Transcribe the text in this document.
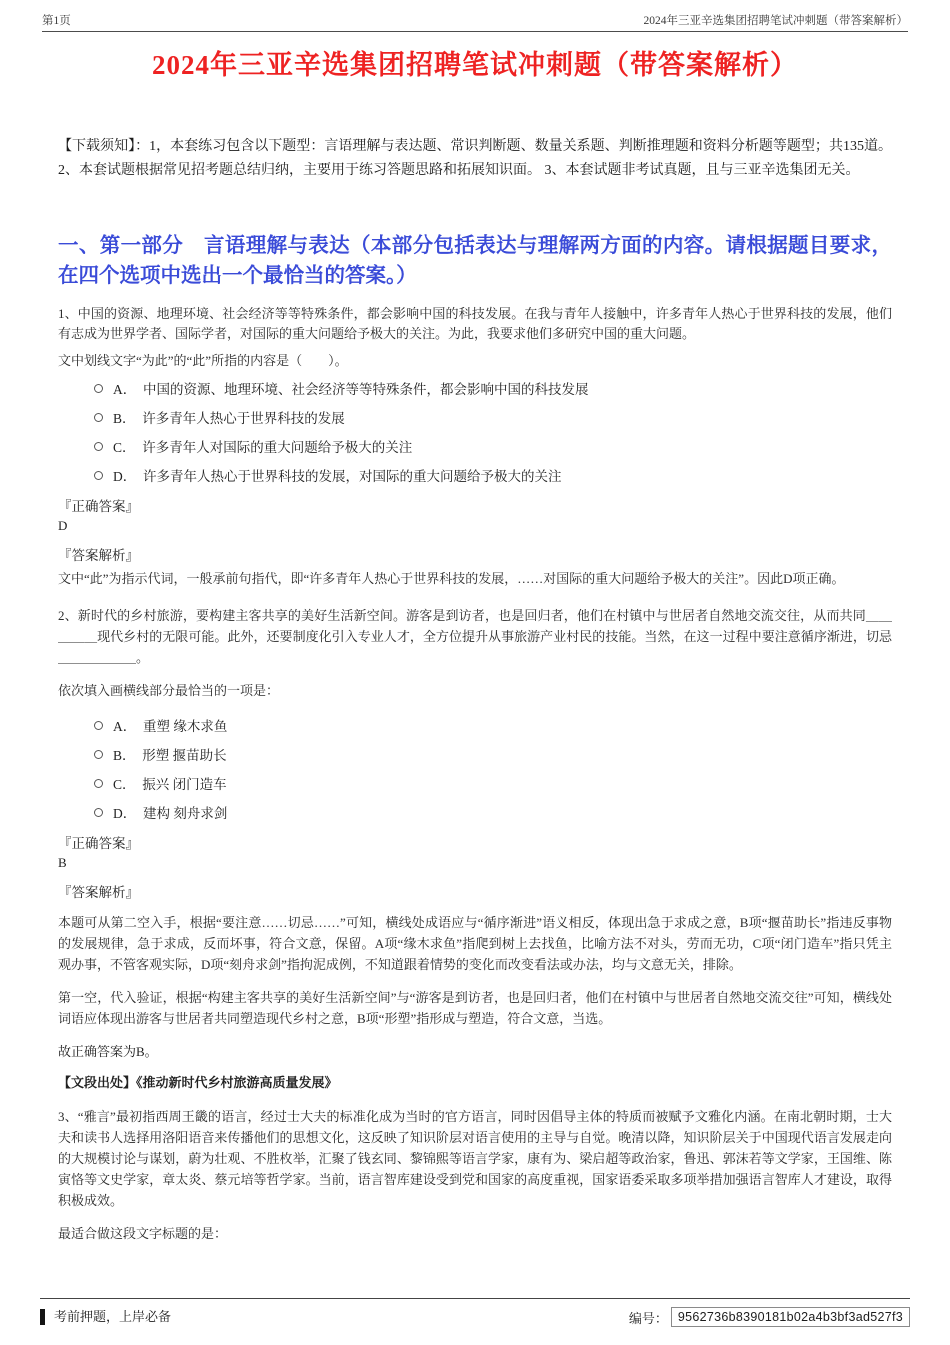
第1页	2024年三亚辛选集团招聘笔试冲刺题（带答案解析）
2024年三亚辛选集团招聘笔试冲刺题（带答案解析）

【下载须知】：1，本套练习包含以下题型：言语理解与表达题、常识判断题、数量关系题、判断推理题和资料分析题等题型；共135道。2、本套试题根据常见招考题总结归纳，主要用于练习答题思路和拓展知识面。 3、本套试题非考试真题，且与三亚辛选集团无关。

一、第一部分　言语理解与表达（本部分包括表达与理解两方面的内容。请根据题目要求，在四个选项中选出一个最恰当的答案。）

1、中国的资源、地理环境、社会经济等等特殊条件，都会影响中国的科技发展。在我与青年人接触中，许多青年人热心于世界科技的发展，他们有志成为世界学者、国际学者，对国际的重大问题给予极大的关注。为此，我要求他们多研究中国的重大问题。

文中划线文字“为此”的“此”所指的内容是（　　）。

A．　中国的资源、地理环境、社会经济等等特殊条件，都会影响中国的科技发展
B．　许多青年人热心于世界科技的发展
C．　许多青年人对国际的重大问题给予极大的关注
D．　许多青年人热心于世界科技的发展，对国际的重大问题给予极大的关注

『正确答案』

D

『答案解析』

文中“此”为指示代词，一般承前句指代，即“许多青年人热心于世界科技的发展，……对国际的重大问题给予极大的关注”。因此D项正确。

2、新时代的乡村旅游，要构建主客共享的美好生活新空间。游客是到访者，也是回归者，他们在村镇中与世居者自然地交流交往，从而共同＿＿＿＿＿现代乡村的无限可能。此外，还要制度化引入专业人才，全方位提升从事旅游产业村民的技能。当然，在这一过程中要注意循序渐进，切忌＿＿＿＿＿＿。

依次填入画横线部分最恰当的一项是：

A．　重塑 缘木求鱼
B．　形塑 揠苗助长
C．　振兴 闭门造车
D．　建构 刻舟求剑

『正确答案』

B

『答案解析』

本题可从第二空入手，根据“要注意……切忌……”可知，横线处成语应与“循序渐进”语义相反，体现出急于求成之意，B项“揠苗助长”指违反事物的发展规律，急于求成，反而坏事，符合文意，保留。A项“缘木求鱼”指爬到树上去找鱼，比喻方法不对头，劳而无功，C项“闭门造车”指只凭主观办事，不管客观实际，D项“刻舟求剑”指拘泥成例，不知道跟着情势的变化而改变看法或办法，均与文意无关，排除。

第一空，代入验证，根据“构建主客共享的美好生活新空间”与“游客是到访者，也是回归者，他们在村镇中与世居者自然地交流交往”可知，横线处词语应体现出游客与世居者共同塑造现代乡村之意，B项“形塑”指形成与塑造，符合文意，当选。

故正确答案为B。

【文段出处】《推动新时代乡村旅游高质量发展》

3、“雅言”最初指西周王畿的语言，经过士大夫的标准化成为当时的官方语言，同时因倡导主体的特质而被赋予文雅化内涵。在南北朝时期，士大夫和读书人选择用洛阳语音来传播他们的思想文化，这反映了知识阶层对语言使用的主导与自觉。晚清以降，知识阶层关于中国现代语言发展走向的大规模讨论与谋划，蔚为壮观、不胜枚举，汇聚了钱玄同、黎锦熙等语言学家，康有为、梁启超等政治家，鲁迅、郭沫若等文学家，王国维、陈寅恪等文史学家，章太炎、蔡元培等哲学家。当前，语言智库建设受到党和国家的高度重视，国家语委采取多项举措加强语言智库人才建设，取得积极成效。

最适合做这段文字标题的是：

考前押题，上岸必备	编号： 9562736b8390181b02a4b3bf3ad527f3
